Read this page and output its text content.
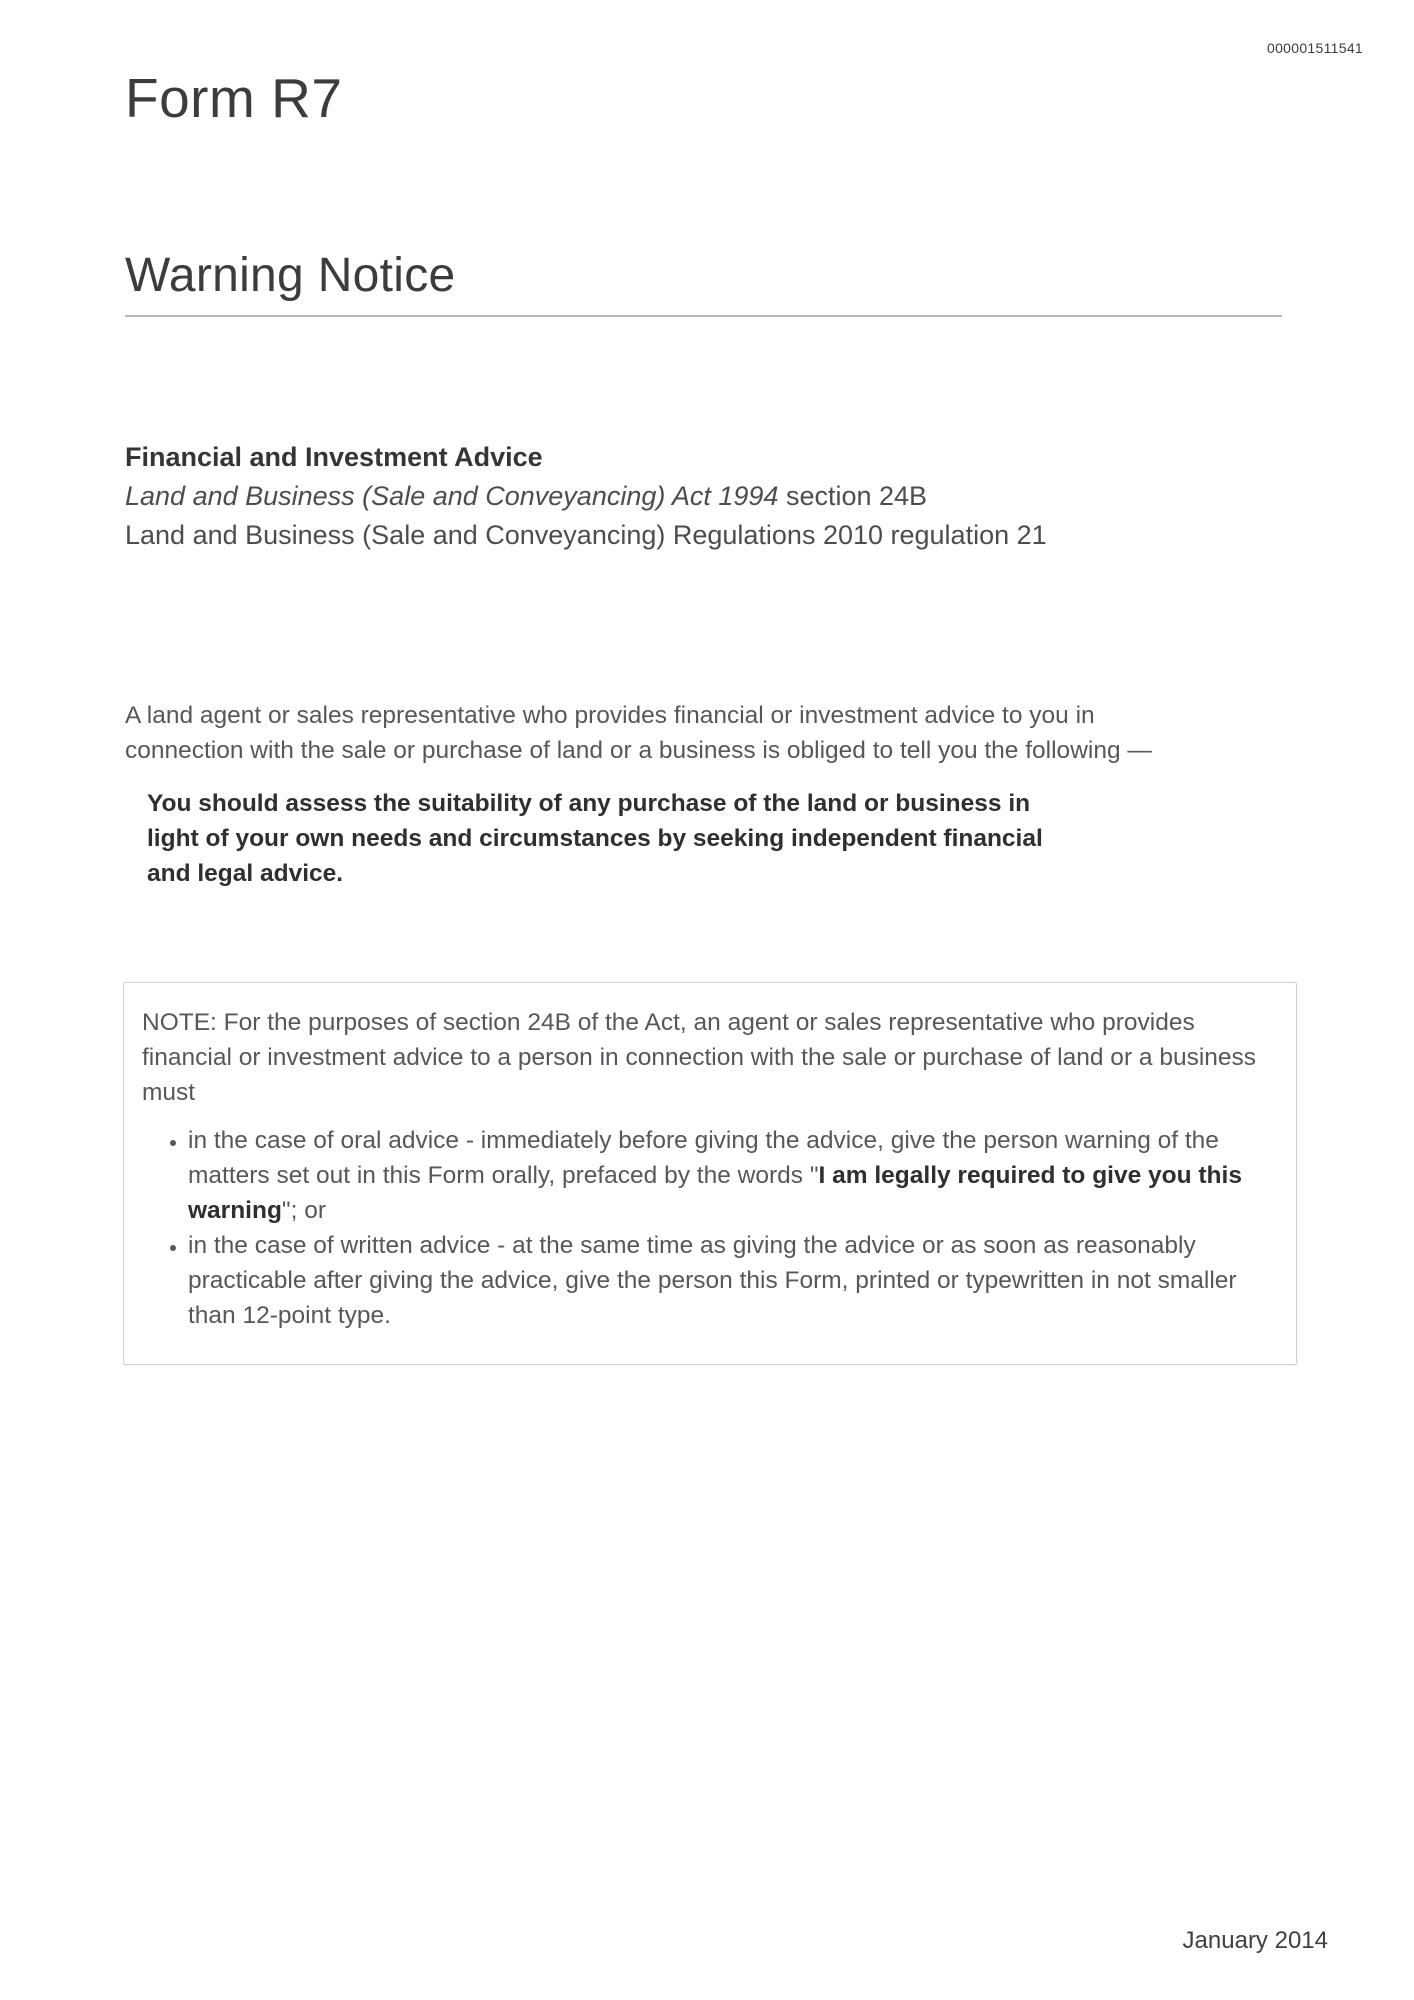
000001511541
Form R7
Warning Notice
Financial and Investment Advice
Land and Business (Sale and Conveyancing) Act 1994 section 24B
Land and Business (Sale and Conveyancing) Regulations 2010 regulation 21

A land agent or sales representative who provides financial or investment advice to you in connection with the sale or purchase of land or a business is obliged to tell you the following —

You should assess the suitability of any purchase of the land or business in light of your own needs and circumstances by seeking independent financial and legal advice.

NOTE: For the purposes of section 24B of the Act, an agent or sales representative who provides financial or investment advice to a person in connection with the sale or purchase of land or a business must

• in the case of oral advice - immediately before giving the advice, give the person warning of the matters set out in this Form orally, prefaced by the words "I am legally required to give you this warning"; or
• in the case of written advice - at the same time as giving the advice or as soon as reasonably practicable after giving the advice, give the person this Form, printed or typewritten in not smaller than 12-point type.
January 2014
